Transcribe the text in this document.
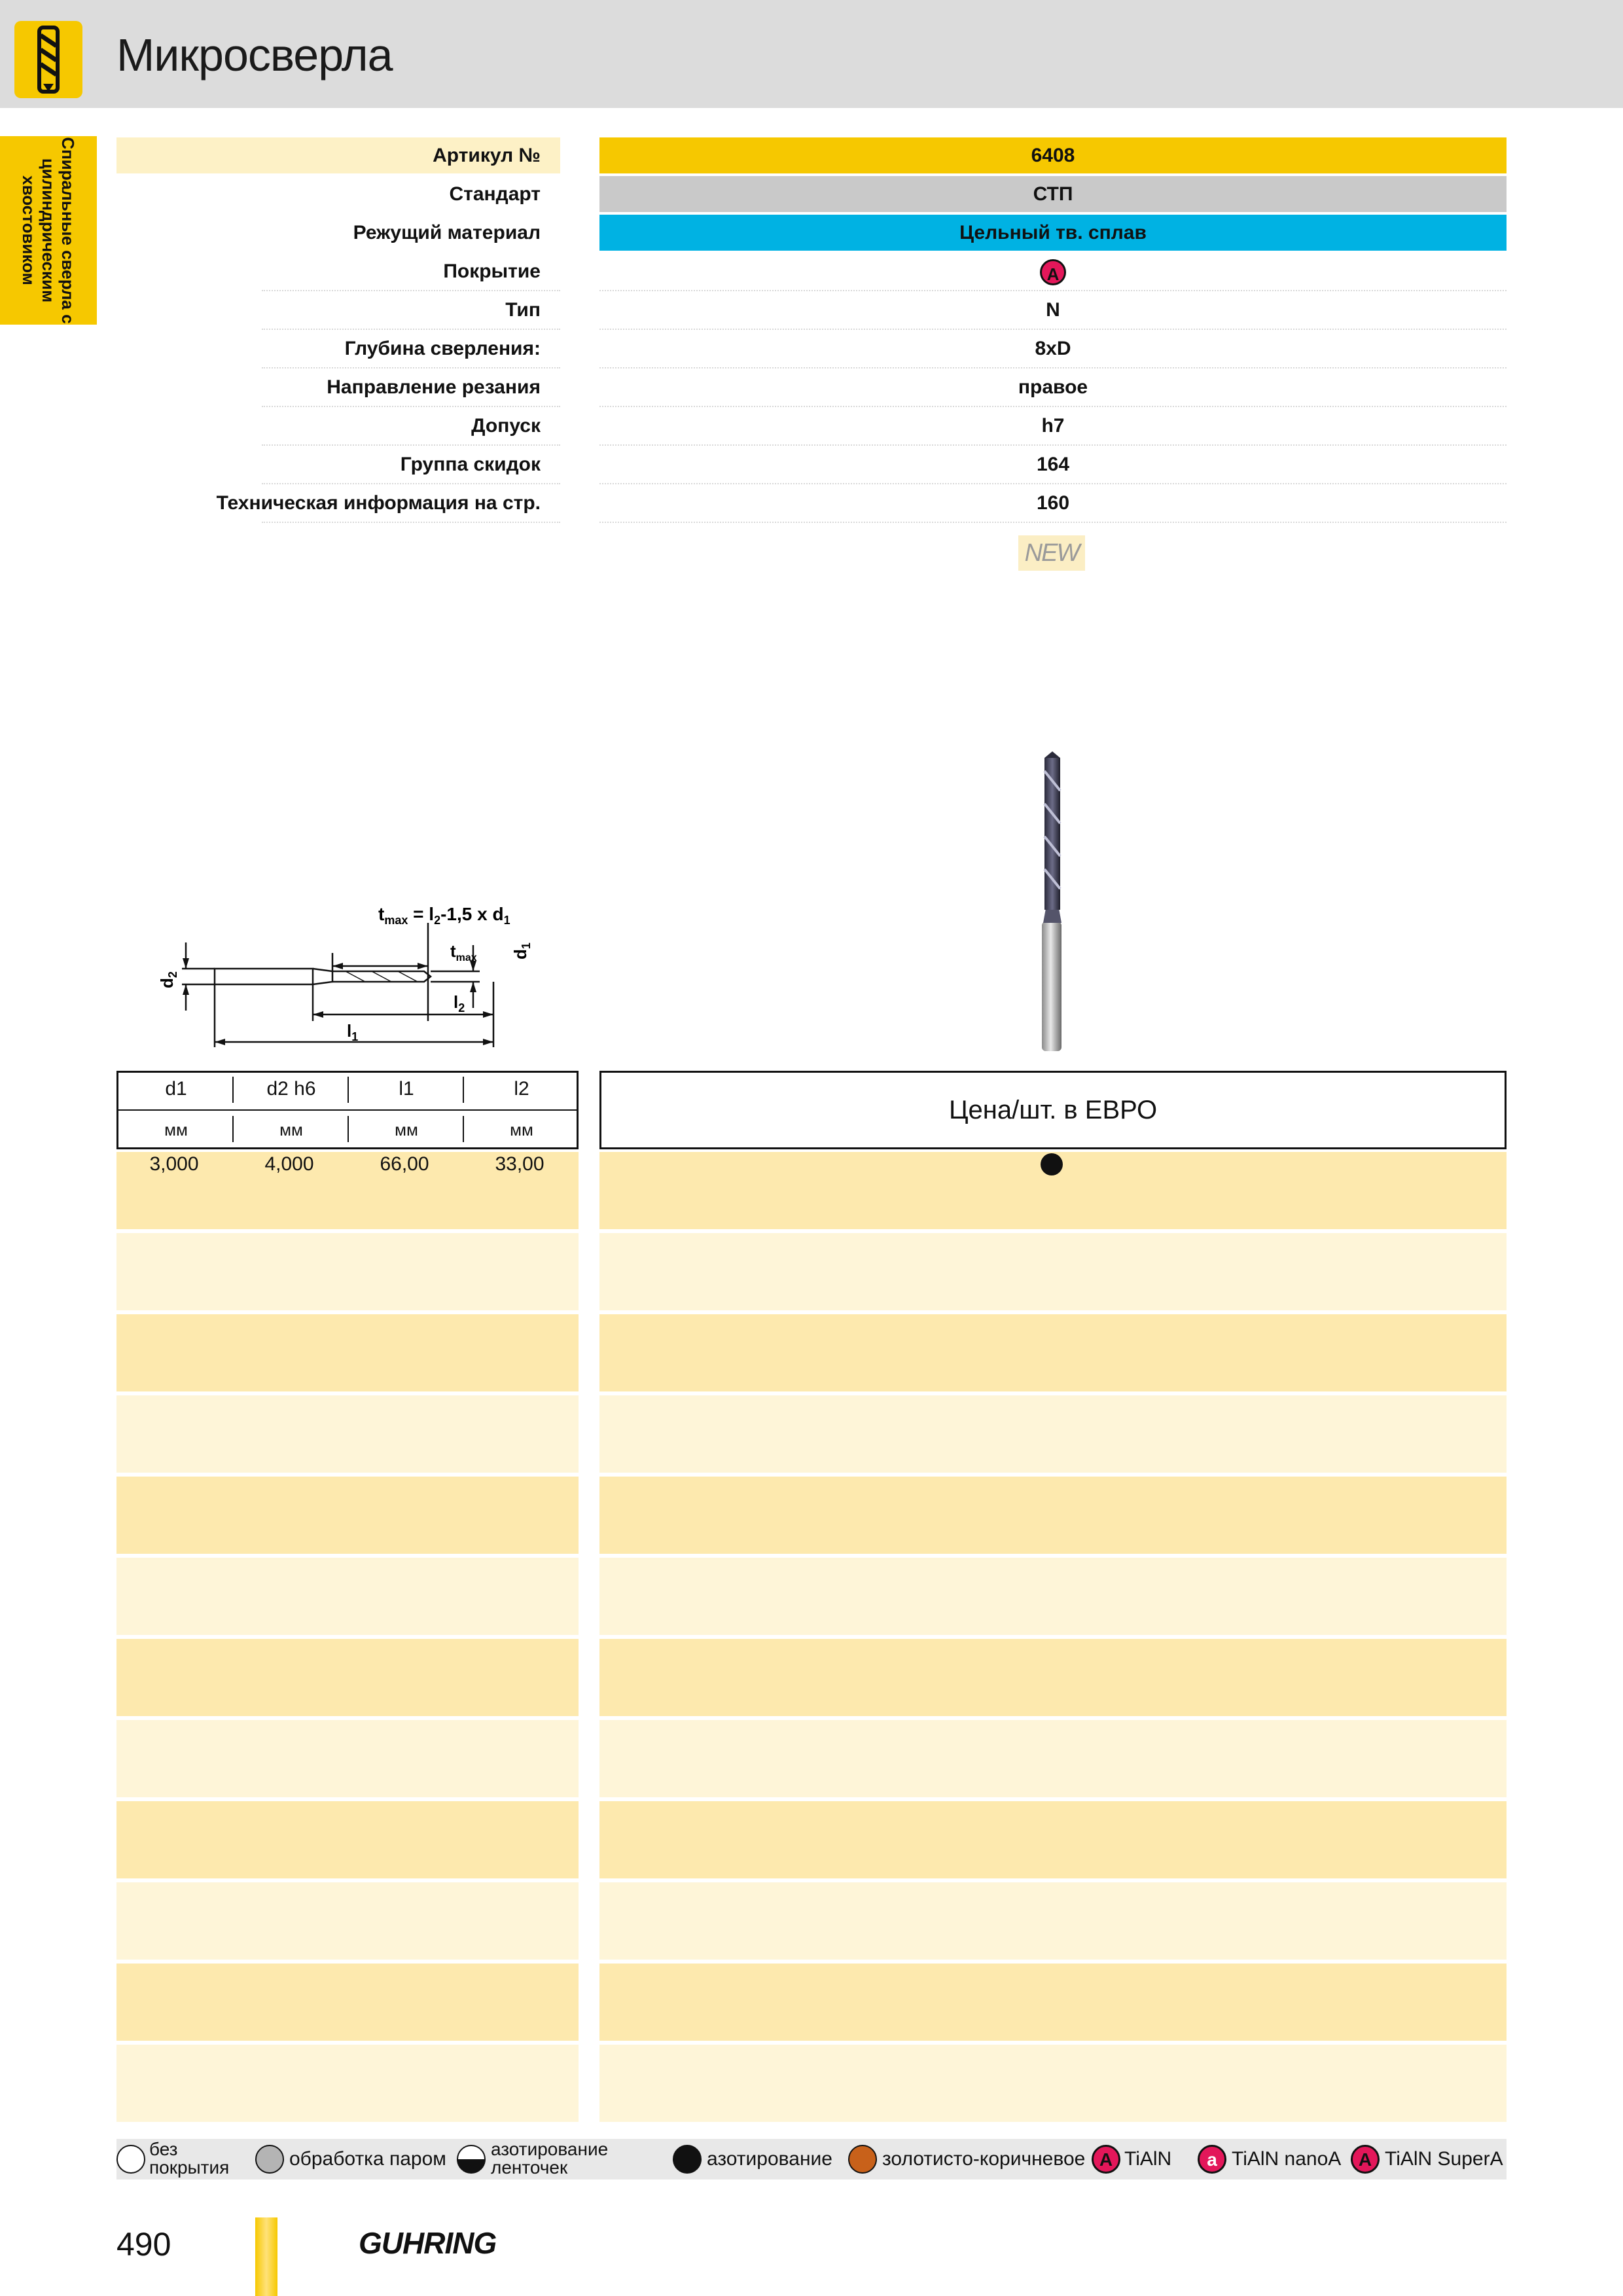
Микросверла
Спиральные сверла с цилиндрическим хвостовиком
Артикул №	6408
Стандарт	СТП
Режущий материал	Цельный тв. сплав
Покрытие	A
Тип	N
Глубина сверления:	8xD
Направление резания	правое
Допуск	h7
Группа скидок	164
Техническая информация на стр.	160
NEW
$t_{max} = l_2-1,5$ x $d_1$
$t_{max}$
$l_2$
$l_1$
$d_2$
$d_1$
d1	d2 h6	l1	l2
мм	мм	мм	мм
Цена/шт. в ЕВРО
3,000	4,000	66,00	33,00
без
покрытия	обработка паром азотирование
ленточек	азотирование	золотисто-коричневое A TiAlN	a TiAlN nanoA A TiAlN SuperA
490	GUHRING
